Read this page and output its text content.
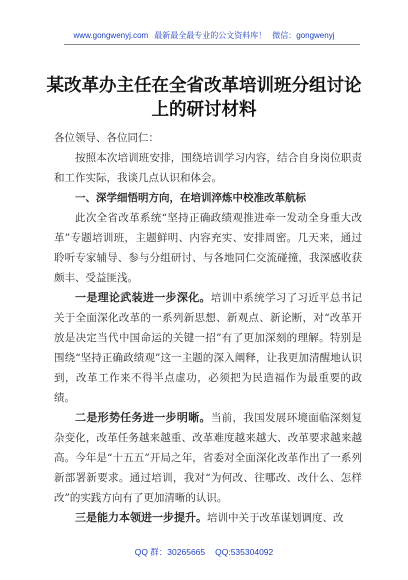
www.gongwenyj.com 最新最全最专业的公文资料库！ 微信：gongwenyj
某改革办主任在全省改革培训班分组讨论
上的研讨材料

各位领导、各位同仁：

按照本次培训班安排，围绕培训学习内容，结合自身岗位职责和工作实际，我谈几点认识和体会。

一、深学细悟明方向，在培训淬炼中校准改革航标

此次全省改革系统“坚持正确政绩观推进牵一发动全身重大改革”专题培训班，主题鲜明、内容充实、安排周密。几天来，通过聆听专家辅导、参与分组研讨、与各地同仁交流碰撞，我深感收获颇丰、受益匪浅。

一是理论武装进一步深化。培训中系统学习了习近平总书记关于全面深化改革的一系列新思想、新观点、新论断，对“改革开放是决定当代中国命运的关键一招”有了更加深刻的理解。特别是围绕“坚持正确政绩观”这一主题的深入阐释，让我更加清醒地认识到，改革工作来不得半点虚功，必须把为民造福作为最重要的政绩。

二是形势任务进一步明晰。当前，我国发展环境面临深刻复杂变化，改革任务越来越重、改革难度越来越大、改革要求越来越高。今年是“十五五”开局之年，省委对全面深化改革作出了一系列新部署新要求。通过培训，我对“为何改、往哪改、改什么、怎样改”的实践方向有了更加清晰的认识。

三是能力本领进一步提升。培训中关于改革谋划调度、改

QQ 群：30265665 QQ:535304092
